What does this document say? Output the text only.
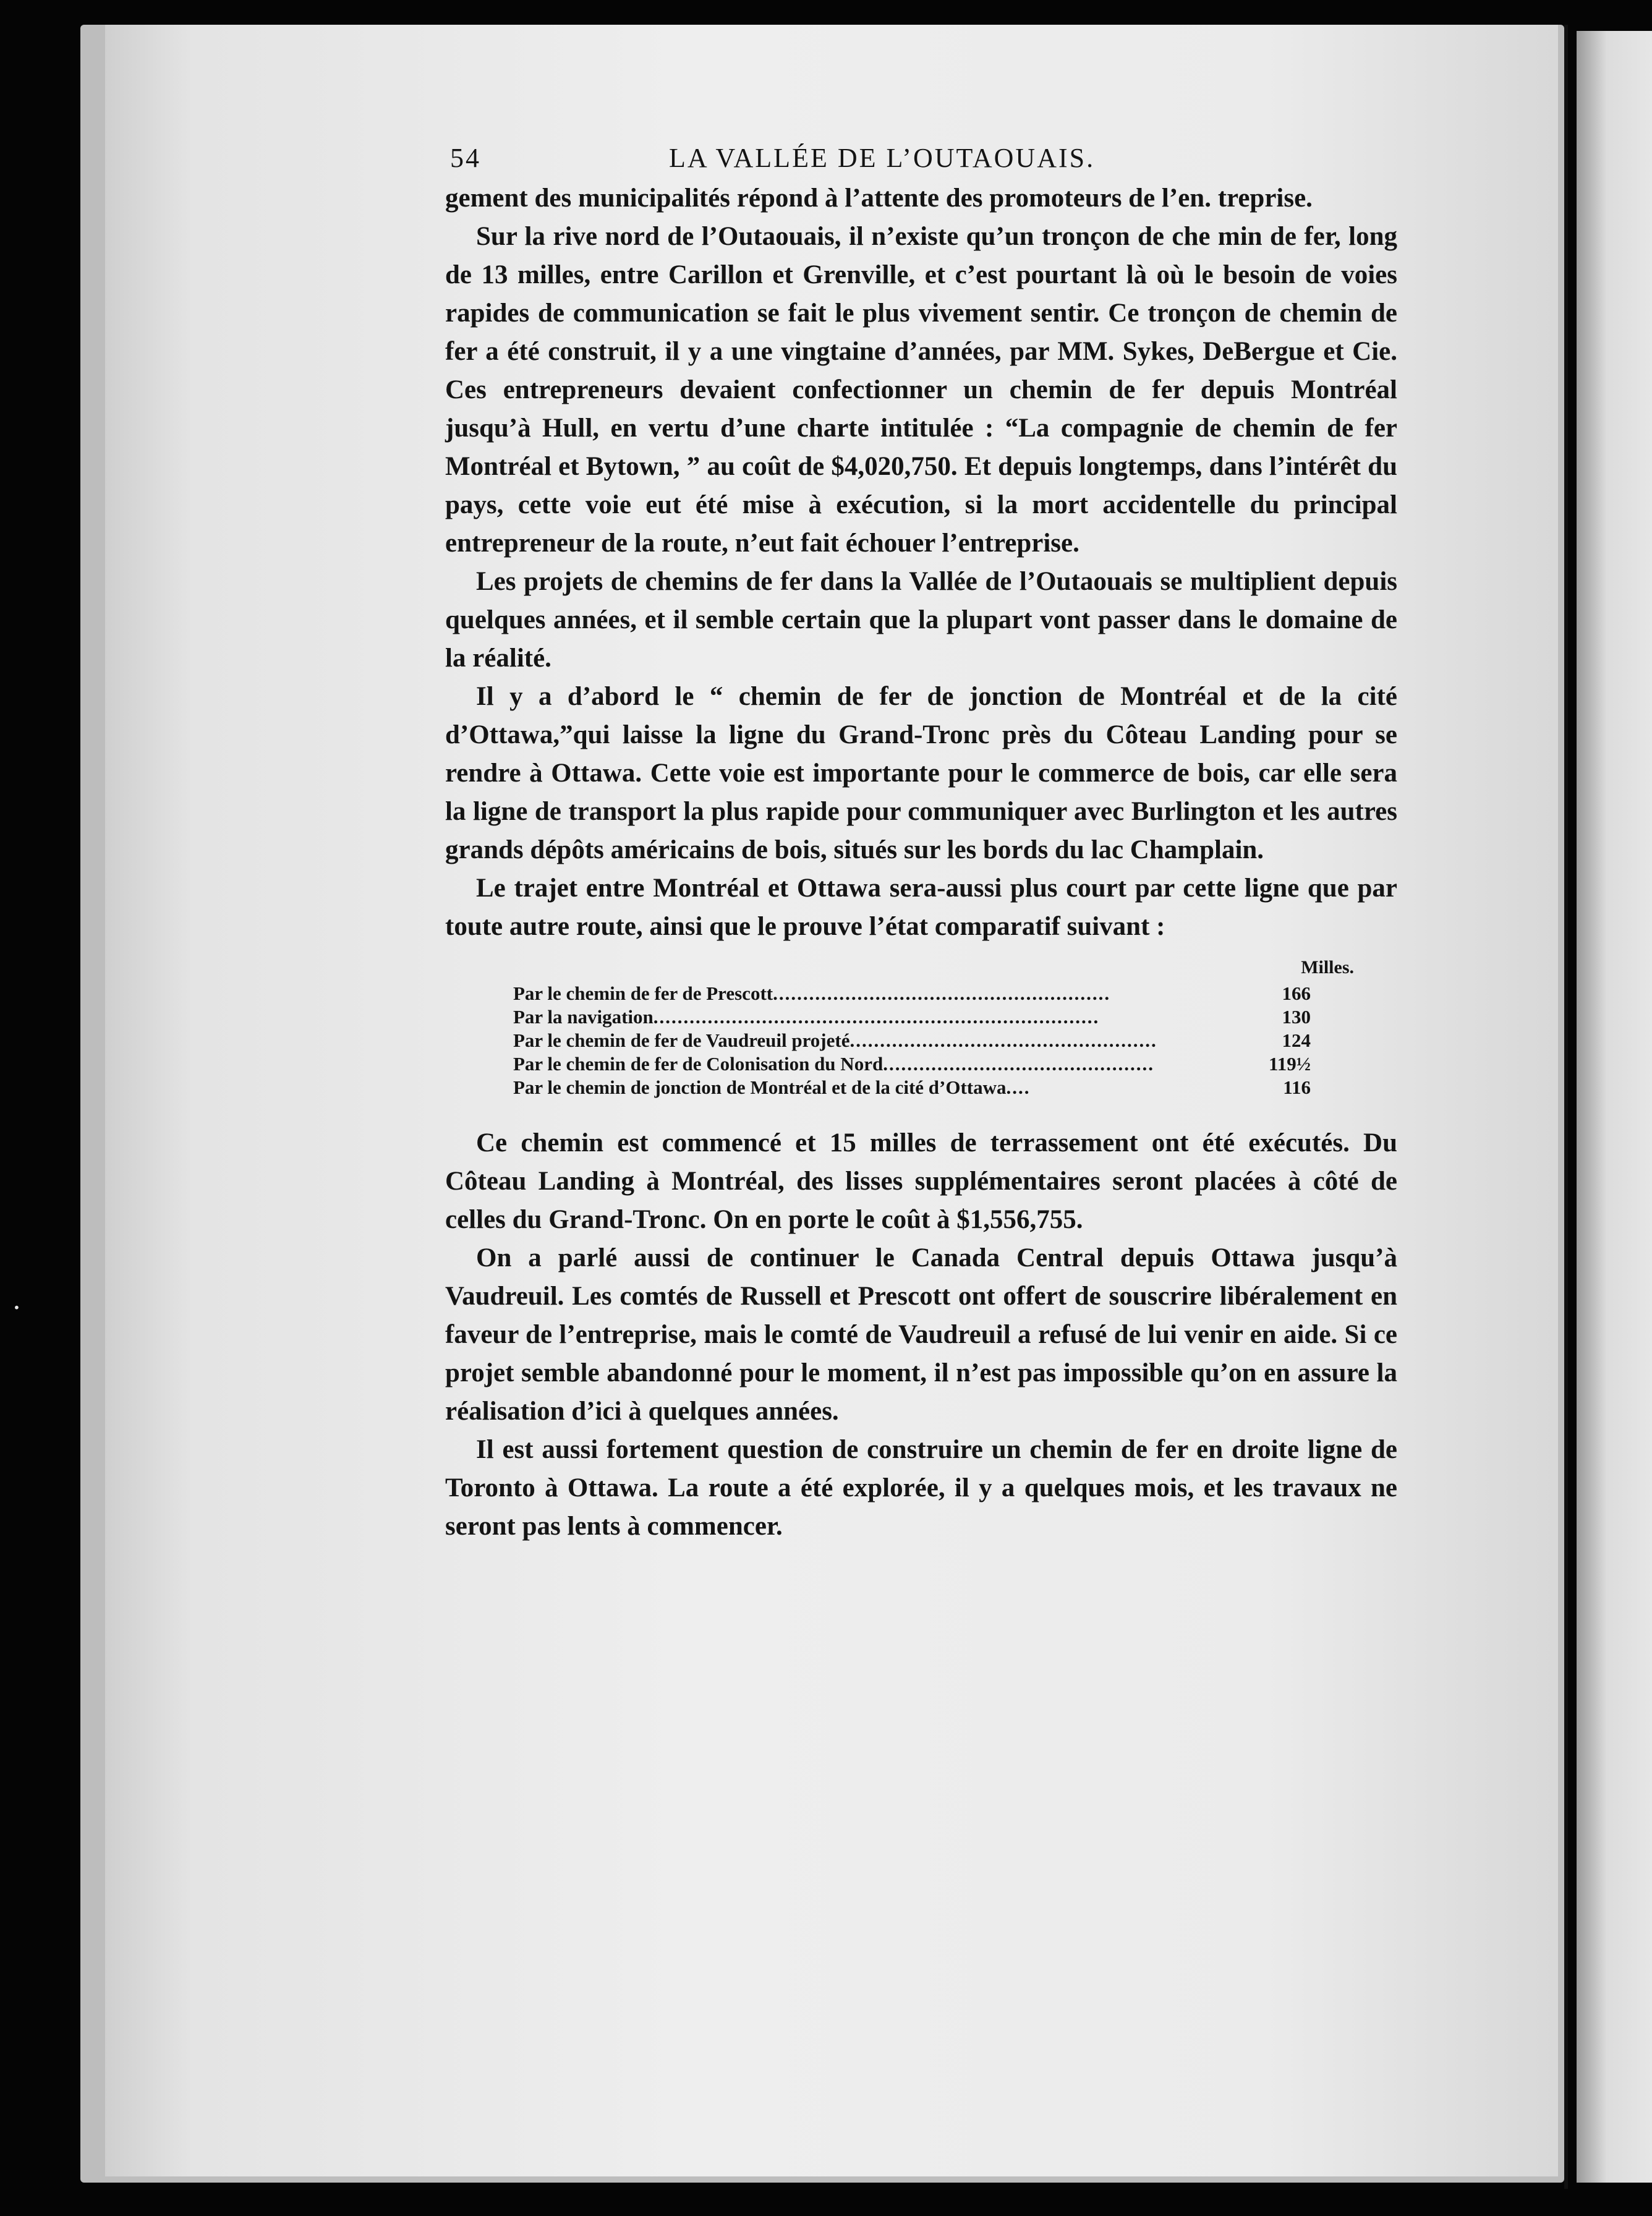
·
54	LA VALLÉE DE L’OUTAOUAIS.

gement des municipalités répond à l’attente des promoteurs de l’en. treprise.

Sur la rive nord de l’Outaouais, il n’existe qu’un tronçon de che min de fer, long de 13 milles, entre Carillon et Grenville, et c’est pourtant là où le besoin de voies rapides de communication se fait le plus vivement sentir. Ce tronçon de chemin de fer a été construit, il y a une vingtaine d’années, par MM. Sykes, DeBergue et Cie. Ces entrepreneurs devaient confectionner un chemin de fer depuis Montréal jusqu’à Hull, en vertu d’une charte intitulée : “La compagnie de chemin de fer Montréal et Bytown, ” au coût de $4,020,750. Et depuis longtemps, dans l’intérêt du pays, cette voie eut été mise à exécution, si la mort accidentelle du principal entrepreneur de la route, n’eut fait échouer l’entreprise.

Les projets de chemins de fer dans la Vallée de l’Outaouais se multiplient depuis quelques années, et il semble certain que la plupart vont passer dans le domaine de la réalité.

Il y a d’abord le “ chemin de fer de jonction de Montréal et de la cité d’Ottawa,”qui laisse la ligne du Grand-Tronc près du Côteau Landing pour se rendre à Ottawa. Cette voie est importante pour le commerce de bois, car elle sera la ligne de transport la plus rapide pour communiquer avec Burlington et les autres grands dépôts américains de bois, situés sur les bords du lac Champlain.

Le trajet entre Montréal et Ottawa sera-aussi plus court par cette ligne que par toute autre route, ainsi que le prouve l’état comparatif suivant :

Milles.
Par le chemin de fer de Prescott........................................................	166
Par la navigation..........................................................................	130
Par le chemin de fer de Vaudreuil projeté...................................................	124
Par le chemin de fer de Colonisation du Nord.............................................	119½
Par le chemin de jonction de Montréal et de la cité d’Ottawa....	116

Ce chemin est commencé et 15 milles de terrassement ont été exécutés. Du Côteau Landing à Montréal, des lisses supplémentaires seront placées à côté de celles du Grand-Tronc. On en porte le coût à $1,556,755.

On a parlé aussi de continuer le Canada Central depuis Ottawa jusqu’à Vaudreuil. Les comtés de Russell et Prescott ont offert de souscrire libéralement en faveur de l’entreprise, mais le comté de Vaudreuil a refusé de lui venir en aide. Si ce projet semble abandonné pour le moment, il n’est pas impossible qu’on en assure la réalisation d’ici à quelques années.

Il est aussi fortement question de construire un chemin de fer en droite ligne de Toronto à Ottawa. La route a été explorée, il y a quelques mois, et les travaux ne seront pas lents à commencer.
